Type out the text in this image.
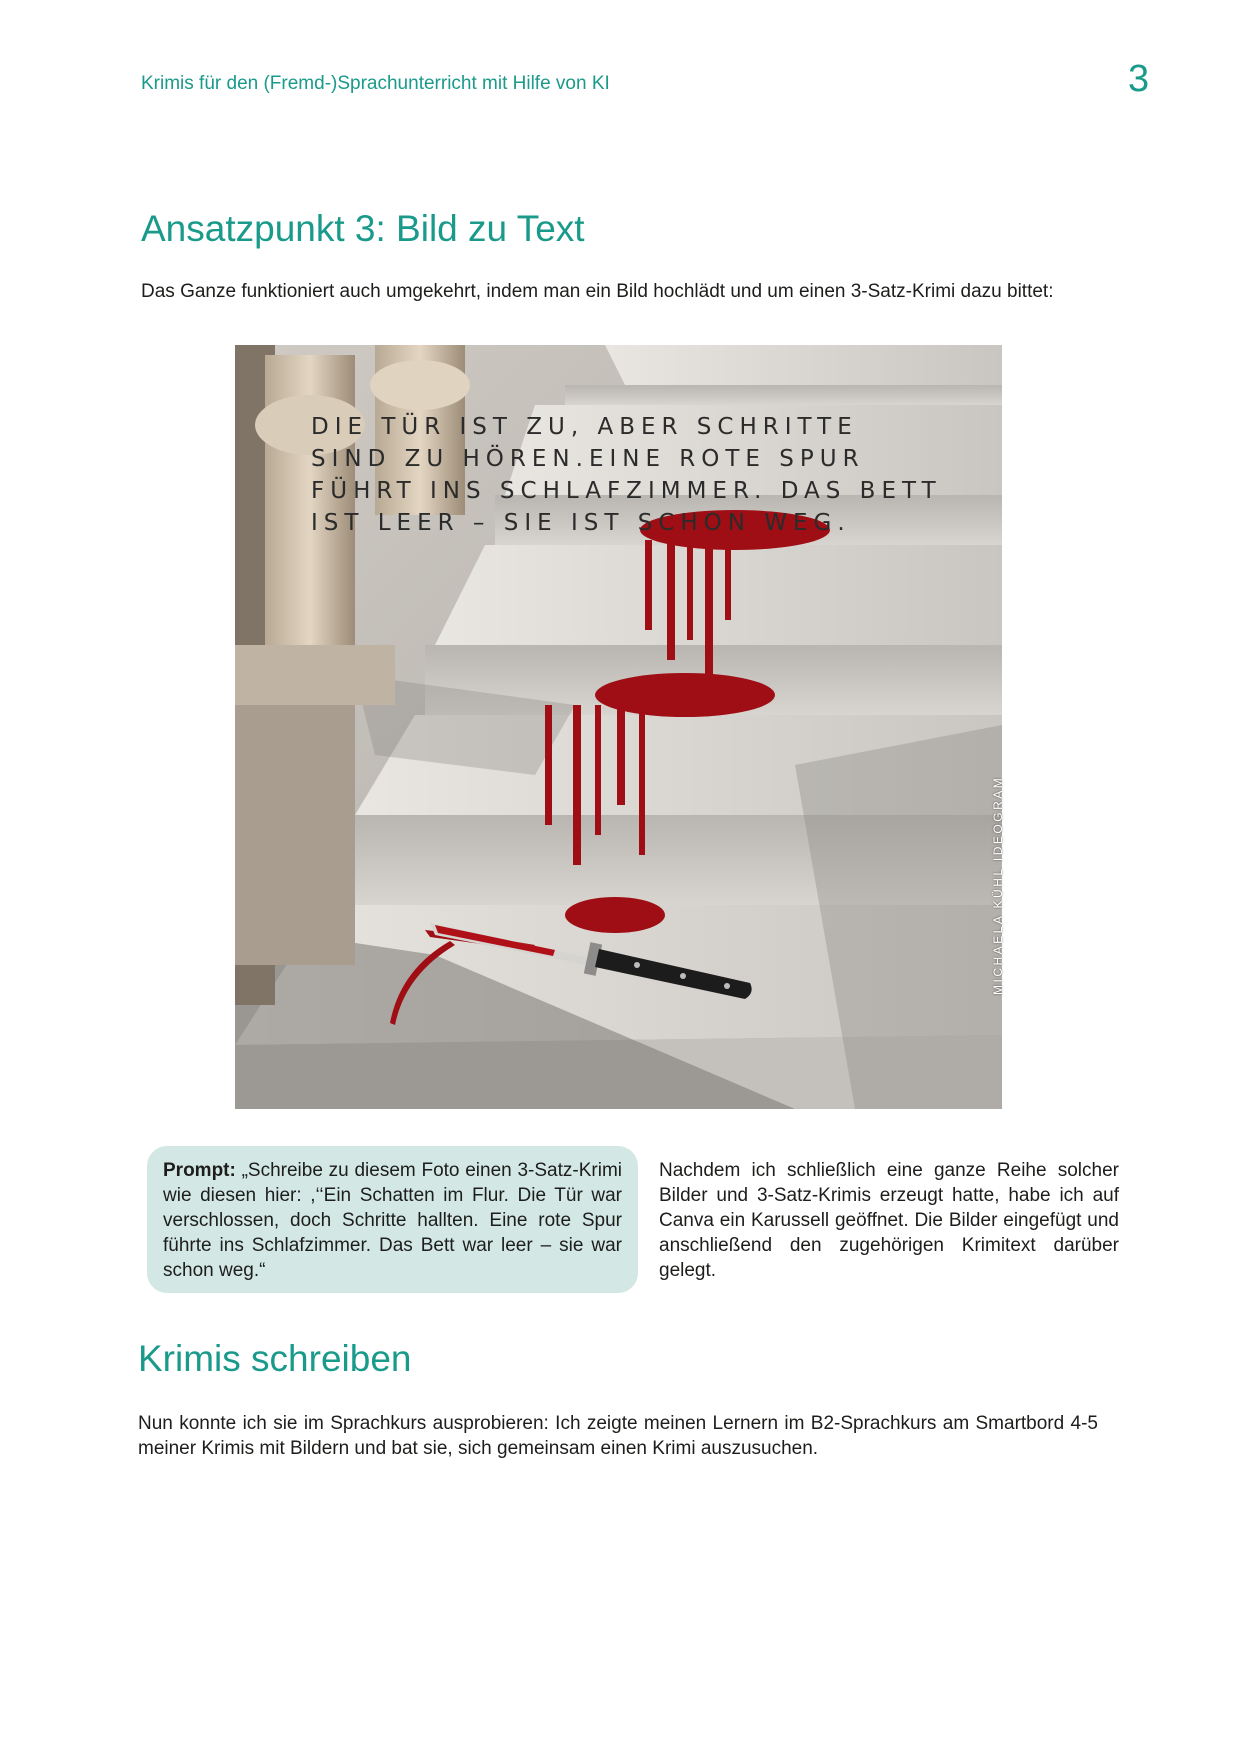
Krimis für den (Fremd-)Sprachunterricht mit Hilfe von KI	3
Ansatzpunkt 3: Bild zu Text

Das Ganze funktioniert auch umgekehrt, indem man ein Bild hochlädt und um einen 3-Satz-Krimi dazu bittet:

DIE TÜR IST ZU, ABER SCHRITTE SIND ZU HÖREN.EINE ROTE SPUR FÜHRT INS SCHLAFZIMMER. DAS BETT IST LEER – SIE IST SCHON WEG.
MICHAELA KÜHL IDEOGRAM

Prompt: „Schreibe zu diesem Foto einen 3-Satz-Krimi wie diesen hier: ,‘‘Ein Schatten im Flur. Die Tür war verschlossen, doch Schritte hallten. Eine rote Spur führte ins Schlafzimmer. Das Bett war leer – sie war schon weg.“

Nachdem ich schließlich eine ganze Reihe solcher Bilder und 3-Satz-Krimis erzeugt hatte, habe ich auf Canva ein Karussell geöffnet. Die Bilder eingefügt und anschließend den zugehörigen Krimitext darüber gelegt.

Krimis schreiben

Nun konnte ich sie im Sprachkurs ausprobieren: Ich zeigte meinen Lernern im B2-Sprachkurs am Smartbord 4-5 meiner Krimis mit Bildern und bat sie, sich gemeinsam einen Krimi auszusuchen.
